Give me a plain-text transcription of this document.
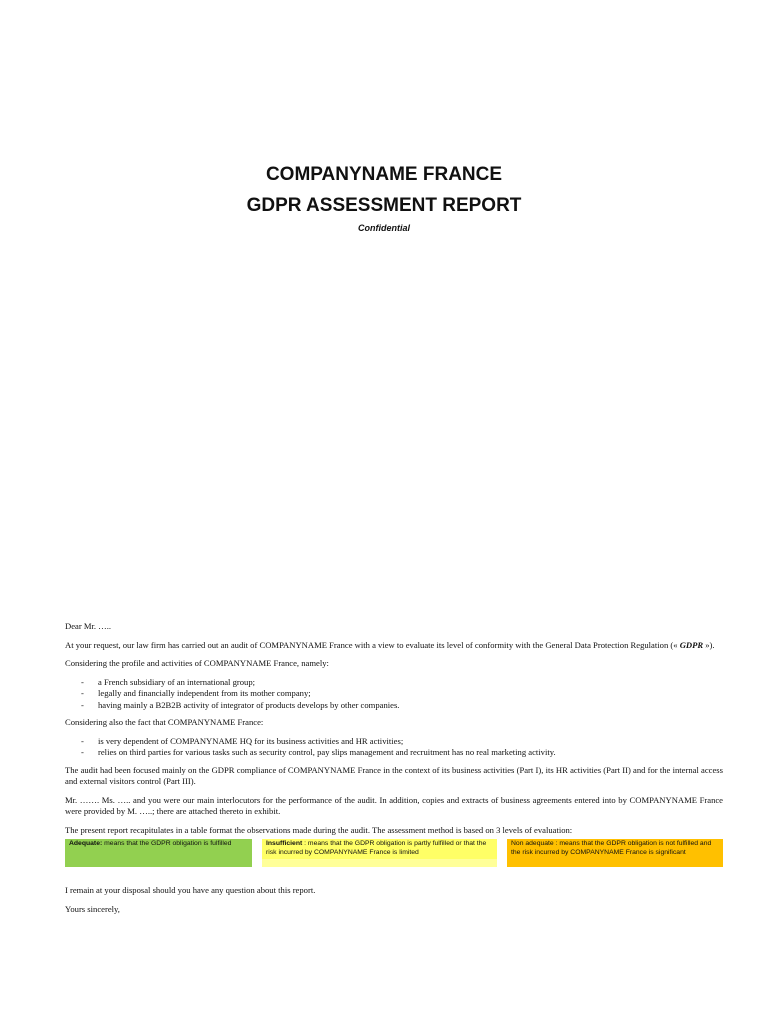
COMPANYNAME FRANCE
GDPR ASSESSMENT REPORT
Confidential

Dear Mr. …..

At your request, our law firm has carried out an audit of COMPANYNAME France with a view to evaluate its level of conformity with the General Data Protection Regulation (« GDPR »).

Considering the profile and activities of COMPANYNAME France, namely:

- a French subsidiary of an international group;
- legally and financially independent from its mother company;
- having mainly a B2B2B activity of integrator of products develops by other companies.

Considering also the fact that COMPANYNAME France:

- is very dependent of COMPANYNAME HQ for its business activities and HR activities;
- relies on third parties for various tasks such as security control, pay slips management and recruitment has no real marketing activity.

The audit had been focused mainly on the GDPR compliance of COMPANYNAME France in the context of its business activities (Part I), its HR activities (Part II) and for the internal access and external visitors control (Part III).

Mr. ……. Ms. ….. and you were our main interlocutors for the performance of the audit. In addition, copies and extracts of business agreements entered into by COMPANYNAME France were provided by M. …..; there are attached thereto in exhibit.

The present report recapitulates in a table format the observations made during the audit. The assessment method is based on 3 levels of evaluation:

Adequate: means that the GDPR obligation is fulfilled	Insufficient : means that the GDPR obligation is partly fulfilled or that the risk incurred by COMPANYNAME France is limited
Non adequate : means that the GDPR obligation is not fulfilled and the risk incurred by COMPANYNAME France is significant

I remain at your disposal should you have any question about this report.

Yours sincerely,
